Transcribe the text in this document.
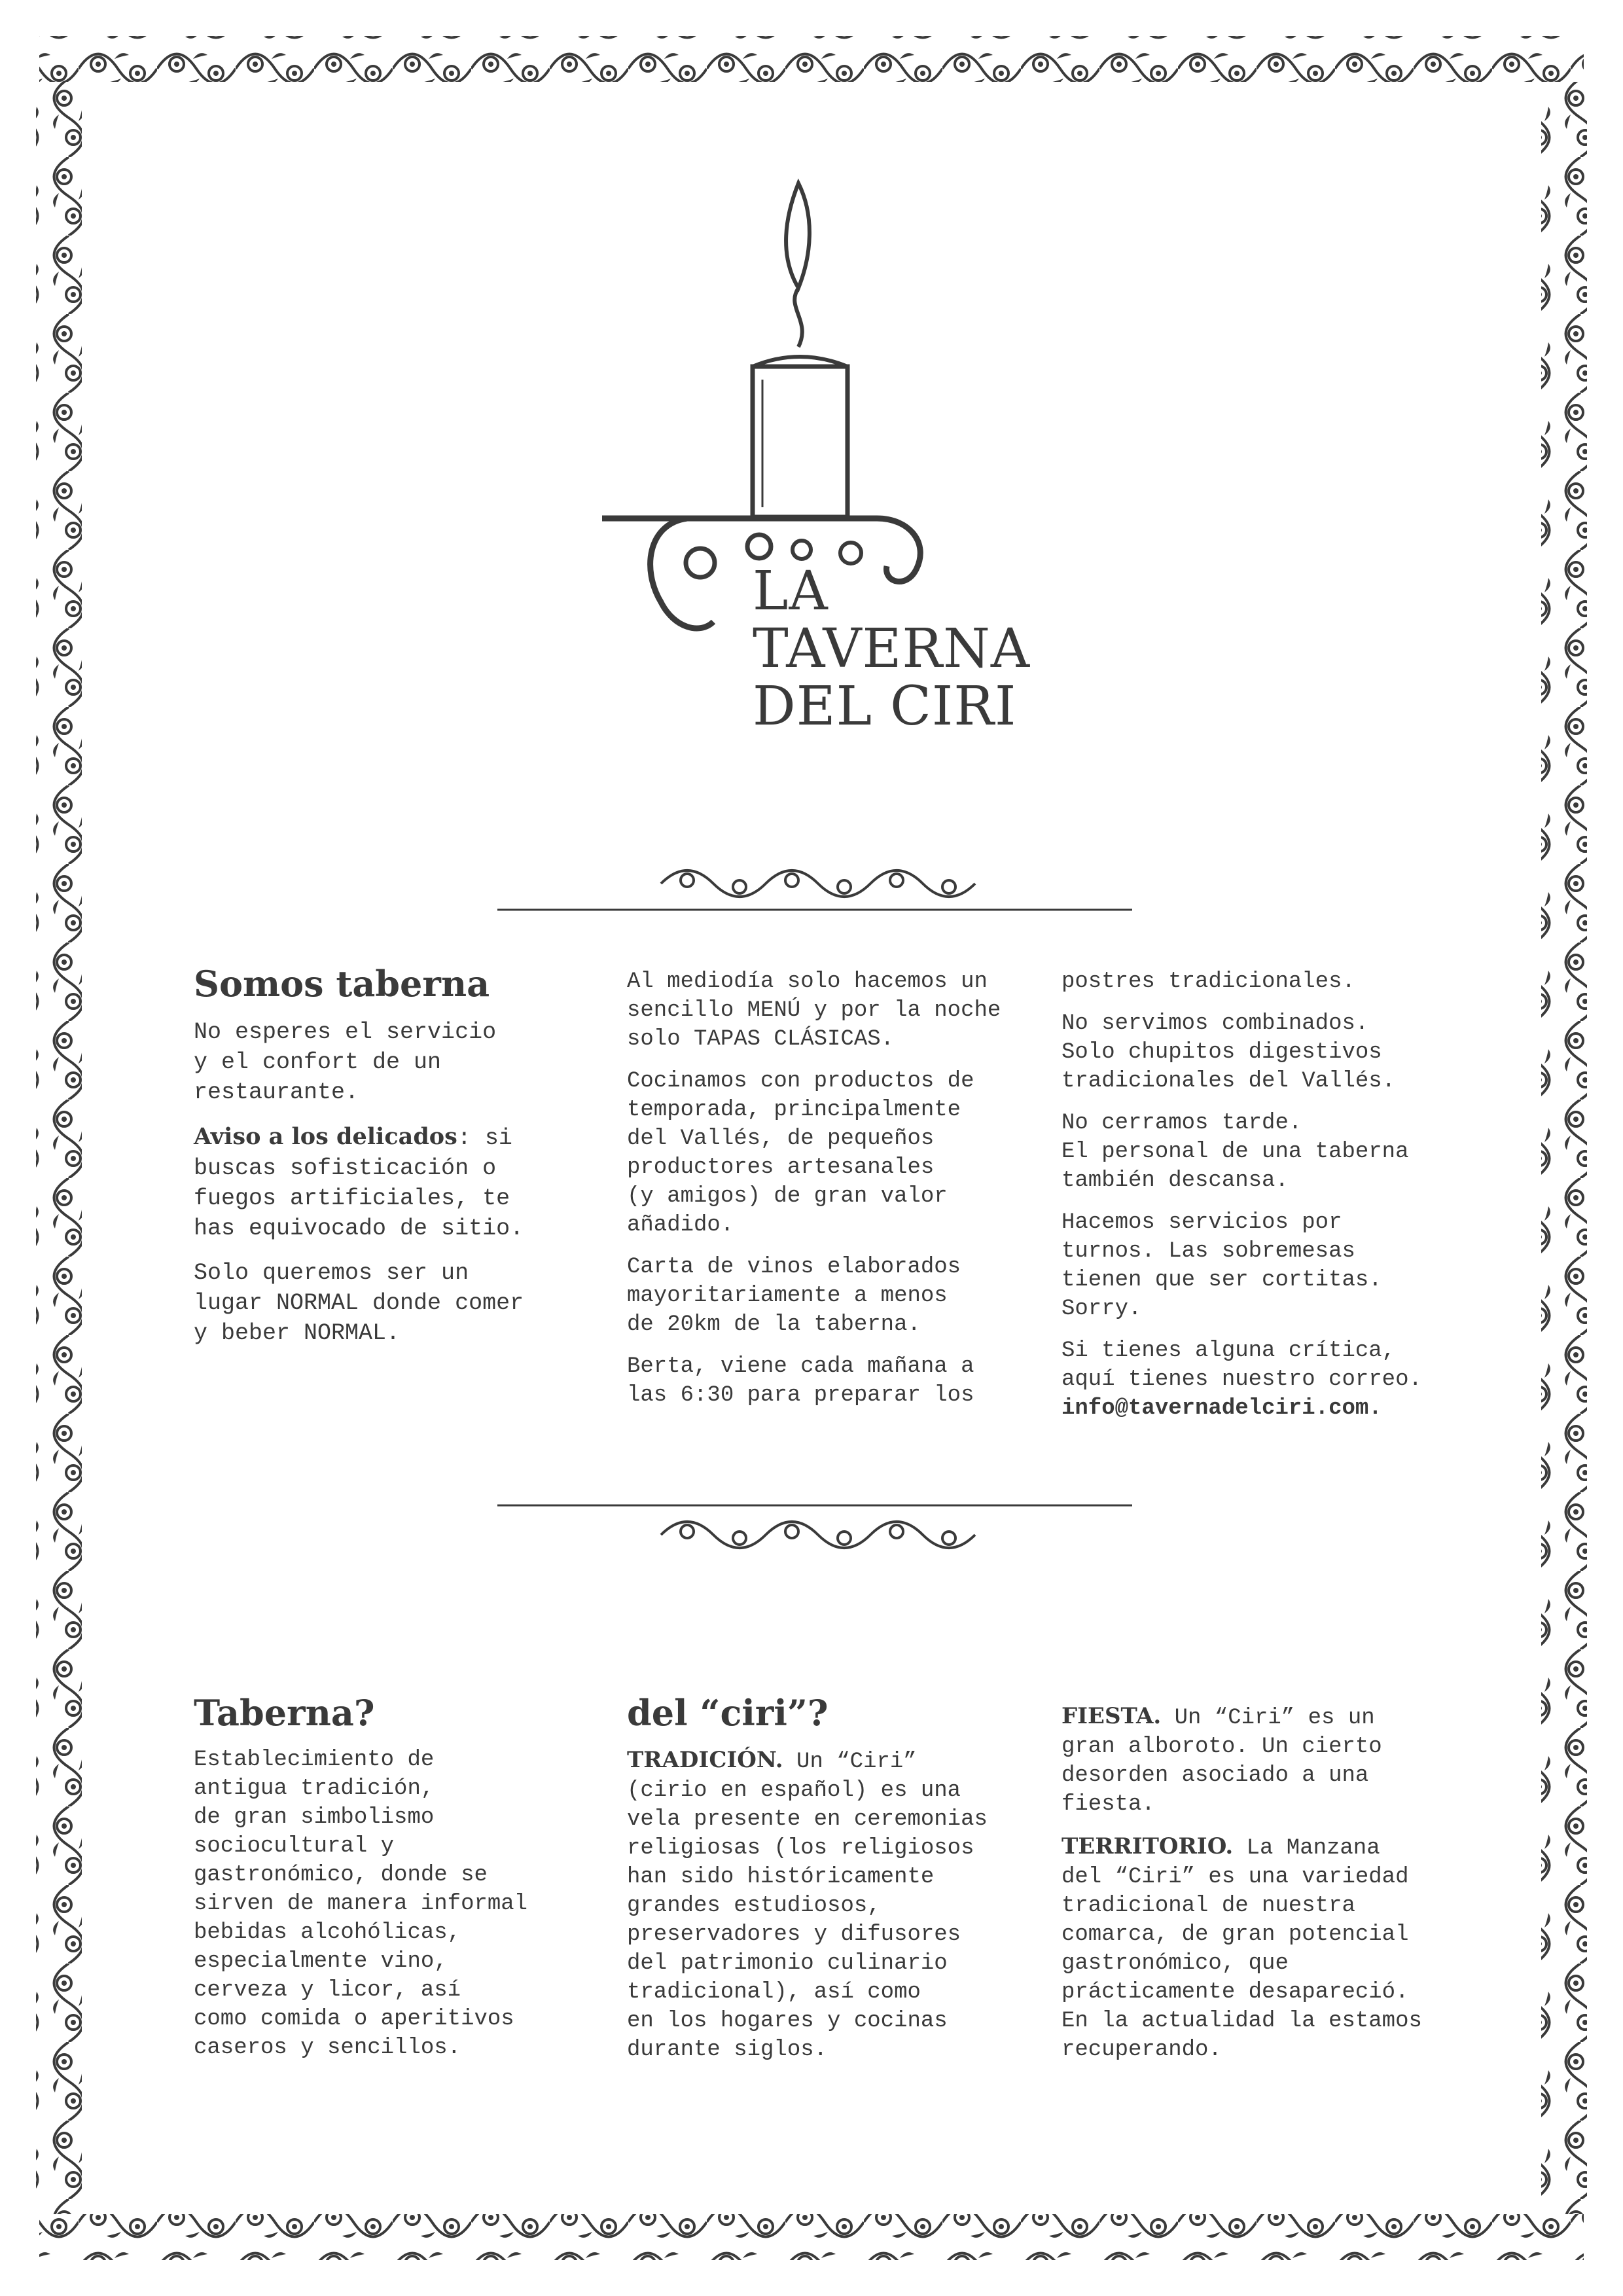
LA
TAVERNA
DEL CIRI
Somos taberna

No esperes el servicio
y el confort de un
restaurante.

Aviso a los delicados: si
buscas sofisticación o
fuegos artificiales, te
has equivocado de sitio.

Solo queremos ser un
lugar NORMAL donde comer
y beber NORMAL.

Al mediodía solo hacemos un
sencillo MENÚ y por la noche
solo TAPAS CLÁSICAS.

Cocinamos con productos de
temporada, principalmente
del Vallés, de pequeños
productores artesanales
(y amigos) de gran valor
añadido.

Carta de vinos elaborados
mayoritariamente a menos
de 20km de la taberna.

Berta, viene cada mañana a
las 6:30 para preparar los

postres tradicionales.

No servimos combinados.
Solo chupitos digestivos
tradicionales del Vallés.

No cerramos tarde.
El personal de una taberna
también descansa.

Hacemos servicios por
turnos. Las sobremesas
tienen que ser cortitas.
Sorry.

Si tienes alguna crítica,
aquí tienes nuestro correo.

info@tavernadelciri.com.

Taberna?

Establecimiento de
antigua tradición,
de gran simbolismo
sociocultural y
gastronómico, donde se
sirven de manera informal
bebidas alcohólicas,
especialmente vino,
cerveza y licor, así
como comida o aperitivos
caseros y sencillos.

del “ciri”?

TRADICIÓN. Un “Ciri”
(cirio en español) es una
vela presente en ceremonias
religiosas (los religiosos
han sido históricamente
grandes estudiosos,
preservadores y difusores
del patrimonio culinario
tradicional), así como
en los hogares y cocinas
durante siglos.

FIESTA. Un “Ciri” es un
gran alboroto. Un cierto
desorden asociado a una
fiesta.

TERRITORIO. La Manzana
del “Ciri” es una variedad
tradicional de nuestra
comarca, de gran potencial
gastronómico, que
prácticamente desapareció.
En la actualidad la estamos
recuperando.
